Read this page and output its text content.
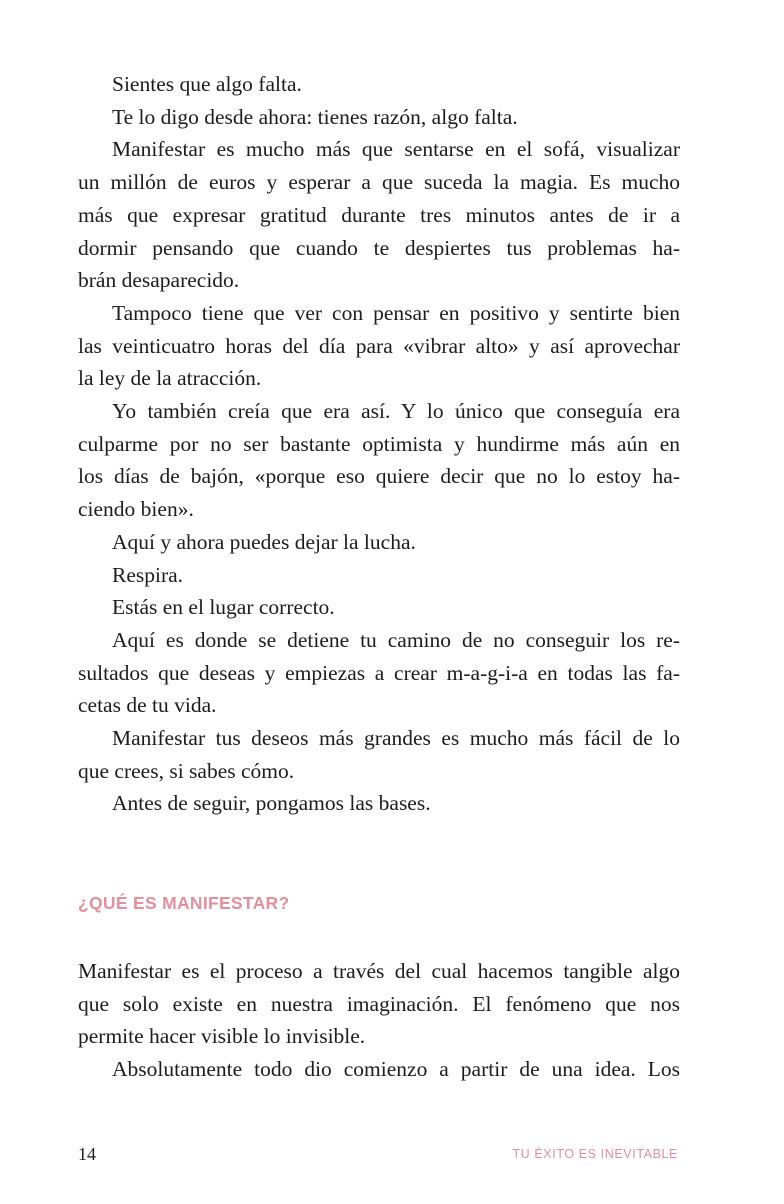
Sientes que algo falta.
Te lo digo desde ahora: tienes razón, algo falta.
Manifestar es mucho más que sentarse en el sofá, visualizar
un millón de euros y esperar a que suceda la magia. Es mucho
más que expresar gratitud durante tres minutos antes de ir a
dormir pensando que cuando te despiertes tus problemas ha-
brán desaparecido.
Tampoco tiene que ver con pensar en positivo y sentirte bien
las veinticuatro horas del día para «vibrar alto» y así aprovechar
la ley de la atracción.
Yo también creía que era así. Y lo único que conseguía era
culparme por no ser bastante optimista y hundirme más aún en
los días de bajón, «porque eso quiere decir que no lo estoy ha-
ciendo bien».
Aquí y ahora puedes dejar la lucha.
Respira.
Estás en el lugar correcto.
Aquí es donde se detiene tu camino de no conseguir los re-
sultados que deseas y empiezas a crear m-a-g-i-a en todas las fa-
cetas de tu vida.
Manifestar tus deseos más grandes es mucho más fácil de lo
que crees, si sabes cómo.
Antes de seguir, pongamos las bases.
Manifestar es el proceso a través del cual hacemos tangible algo
que solo existe en nuestra imaginación. El fenómeno que nos
permite hacer visible lo invisible.
Absolutamente todo dio comienzo a partir de una idea. Los
¿QUÉ ES MANIFESTAR?
14	TU ÉXITO ES INEVITABLE
